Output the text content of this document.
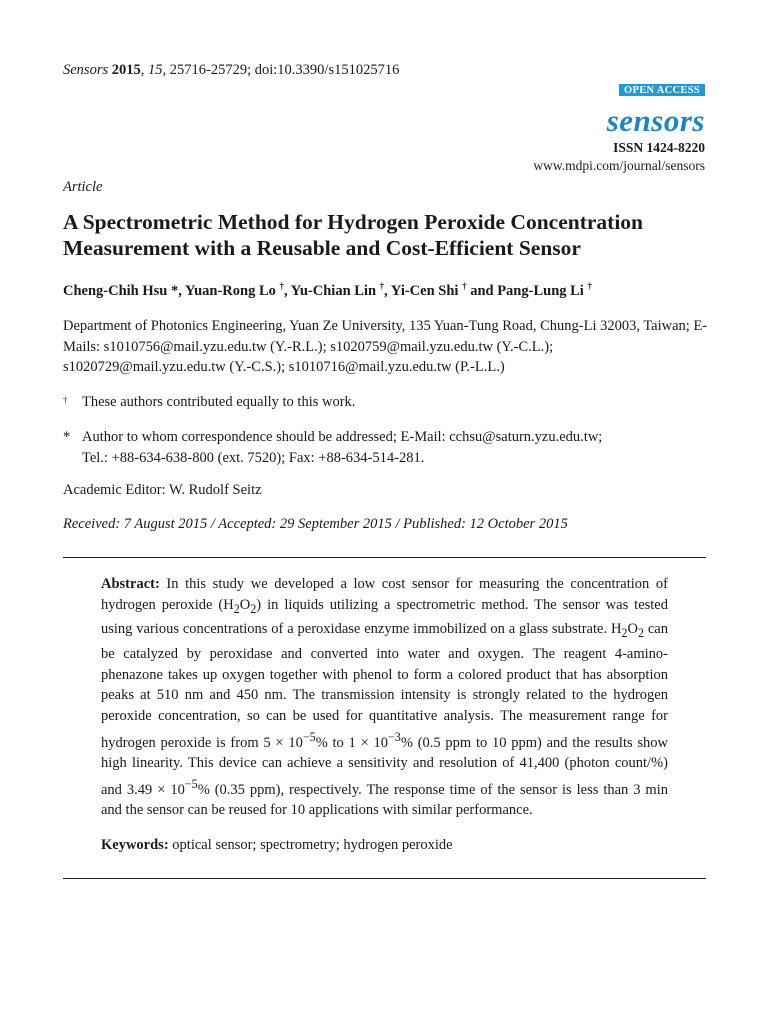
Sensors 2015, 15, 25716-25729; doi:10.3390/s151025716
OPEN ACCESS
sensors
ISSN 1424-8220
www.mdpi.com/journal/sensors
Article
A Spectrometric Method for Hydrogen Peroxide Concentration Measurement with a Reusable and Cost-Efficient Sensor
Cheng-Chih Hsu *, Yuan-Rong Lo †, Yu-Chian Lin †, Yi-Cen Shi † and Pang-Lung Li †
Department of Photonics Engineering, Yuan Ze University, 135 Yuan-Tung Road, Chung-Li 32003, Taiwan; E-Mails: s1010756@mail.yzu.edu.tw (Y.-R.L.); s1020759@mail.yzu.edu.tw (Y.-C.L.); s1020729@mail.yzu.edu.tw (Y.-C.S.); s1010716@mail.yzu.edu.tw (P.-L.L.)
† These authors contributed equally to this work.
* Author to whom correspondence should be addressed; E-Mail: cchsu@saturn.yzu.edu.tw;
Tel.: +88-634-638-800 (ext. 7520); Fax: +88-634-514-281.
Academic Editor: W. Rudolf Seitz
Received: 7 August 2015 / Accepted: 29 September 2015 / Published: 12 October 2015
Abstract: In this study we developed a low cost sensor for measuring the concentration of hydrogen peroxide $(H_2O_2)$ in liquids utilizing a spectrometric method. The sensor was tested using various concentrations of a peroxidase enzyme immobilized on a glass substrate. $H_2O_2$ can be catalyzed by peroxidase and converted into water and oxygen. The reagent 4-amino-phenazone takes up oxygen together with phenol to form a colored product that has absorption peaks at 510 nm and 450 nm. The transmission intensity is strongly related to the hydrogen peroxide concentration, so can be used for quantitative analysis. The measurement range for hydrogen peroxide is from $5 \times 10^{-5}\%$ to $1 \times 10^{-3}\%$ (0.5 ppm to 10 ppm) and the results show high linearity. This device can achieve a sensitivity and resolution of 41,400 (photon count/%) and $3.49 \times 10^{-5}\%$ (0.35 ppm), respectively. The response time of the sensor is less than 3 min and the sensor can be reused for 10 applications with similar performance.
Keywords: optical sensor; spectrometry; hydrogen peroxide
